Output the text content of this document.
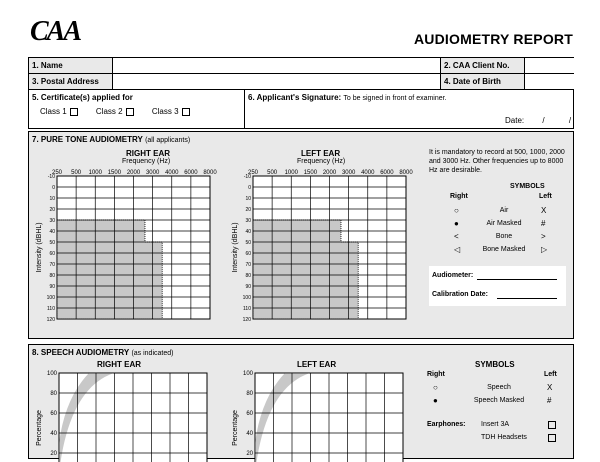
CAA	AUDIOMETRY REPORT
1. Name	2. CAA Client No.
3. Postal Address	4. Date of Birth
5. Certificate(s) applied for
Class 1	Class 2	Class 3
6. Applicant's Signature: To be signed in front of examiner.
Date: /	/
7. PURE TONE AUDIOMETRY (all applicants)
RIGHT EAR
Frequency (Hz)
LEFT EAR
Frequency (Hz)
250 500 1000 1500 2000 3000 4000 6000 8000
-10
0
10
20
30
40
50
60
70
80
90
100
110
120
Intensity (dBHL)
250 500 1000 1500 2000 3000 4000 6000 8000
-10
0
10
20
30
40
50
60
70
80
90
100
110
120
Intensity (dBHL)
It is mandatory to record at 500, 1000, 2000 and 3000 Hz. Other frequencies up to 8000 Hz are desirable.
SYMBOLS
Right	Left
○	Air	X
●	Air Masked	#
<	Bone	>
◁	Bone Masked	▷
Audiometer:
Calibration Date:
8. SPEECH AUDIOMETRY (as indicated)
RIGHT EAR	LEFT EAR
100
80
60
40
20
Percentage
100
80
60
40
20
Percentage
SYMBOLS
Right	Left
○	Speech	X
●	Speech Masked	#
Earphones: Insert 3A
TDH Headsets
